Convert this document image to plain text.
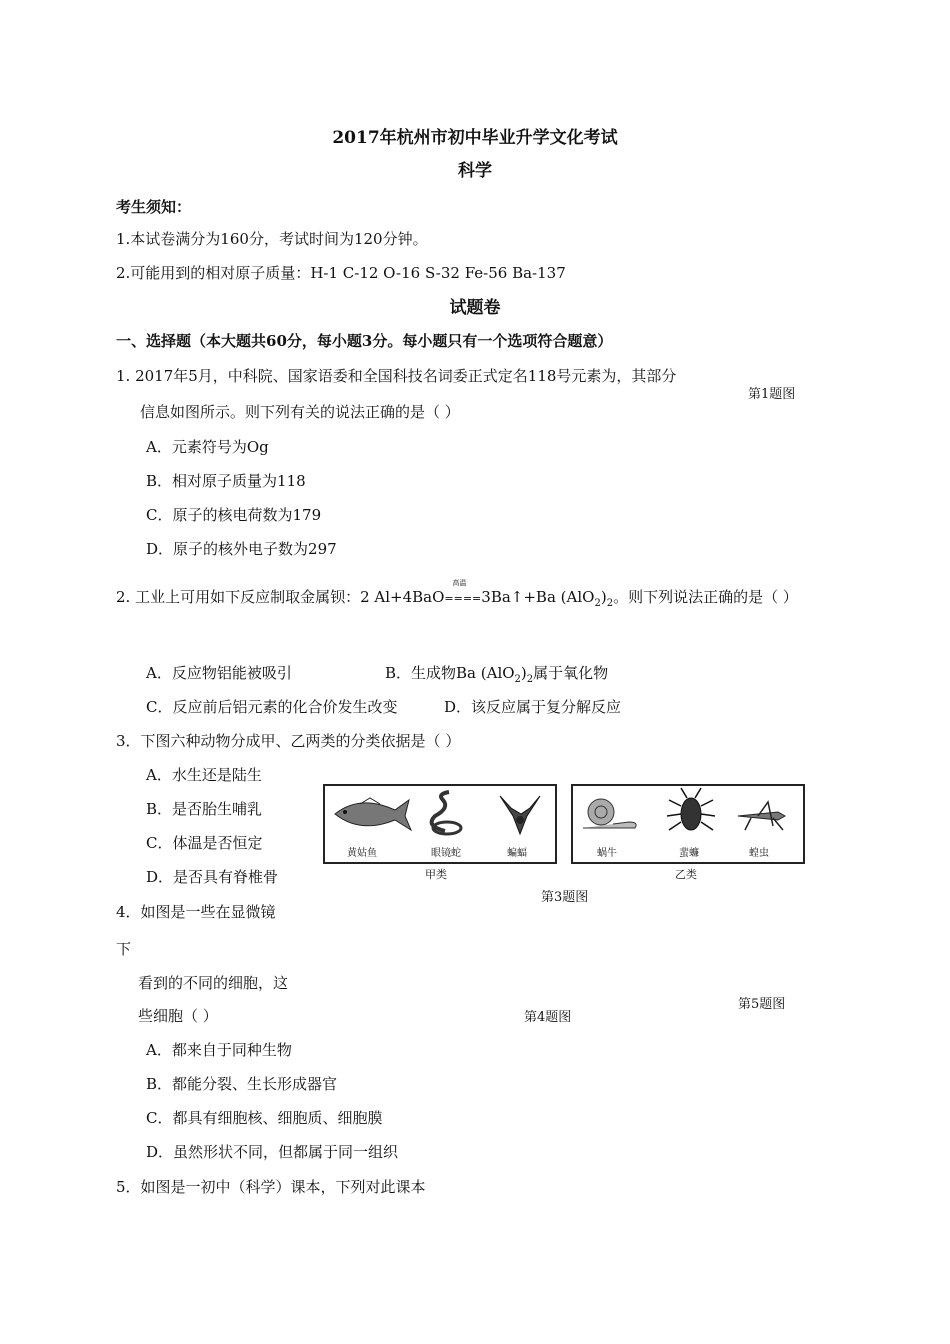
2017年杭州市初中毕业升学文化考试
科学
考生须知：
1.本试卷满分为160分，考试时间为120分钟。
2.可能用到的相对原子质量：H-1 C-12 O-16 S-32 Fe-56 Ba-137
试题卷
一、选择题（本大题共60分，每小题3分。每小题只有一个选项符合题意）
1. 2017年5月，中科院、国家语委和全国科技名词委正式定名118号元素为，其部分
第1题图
信息如图所示。则下列有关的说法正确的是（ ）
A．元素符号为Og
B．相对原子质量为118
C．原子的核电荷数为179
D．原子的核外电子数为297
2. 工业上可用如下反应制取金属钡：2 Al+4BaO
高温
====3Ba↑+Ba $(AlO_2)_2$。则下列说法正确的是（ ）
A．反应物铝能被吸引	B．生成物Ba $(AlO_2)_2$属于氧化物
C．反应前后铝元素的化合价发生改变	D．该反应属于复分解反应
3．下图六种动物分成甲、乙两类的分类依据是（ ）
A．水生还是陆生
B．是否胎生哺乳
C．体温是否恒定
D．是否具有脊椎骨
黄姑鱼	眼镜蛇	蝙蝠
甲类
蜗牛	蜚蠊	蝗虫
乙类
第3题图
4．如图是一些在显微镜
下
看到的不同的细胞，这
第5题图
些细胞（ ）	第4题图
A．都来自于同种生物
B．都能分裂、生长形成器官
C．都具有细胞核、细胞质、细胞膜
D．虽然形状不同，但都属于同一组织
5．如图是一初中（科学）课本，下列对此课本
